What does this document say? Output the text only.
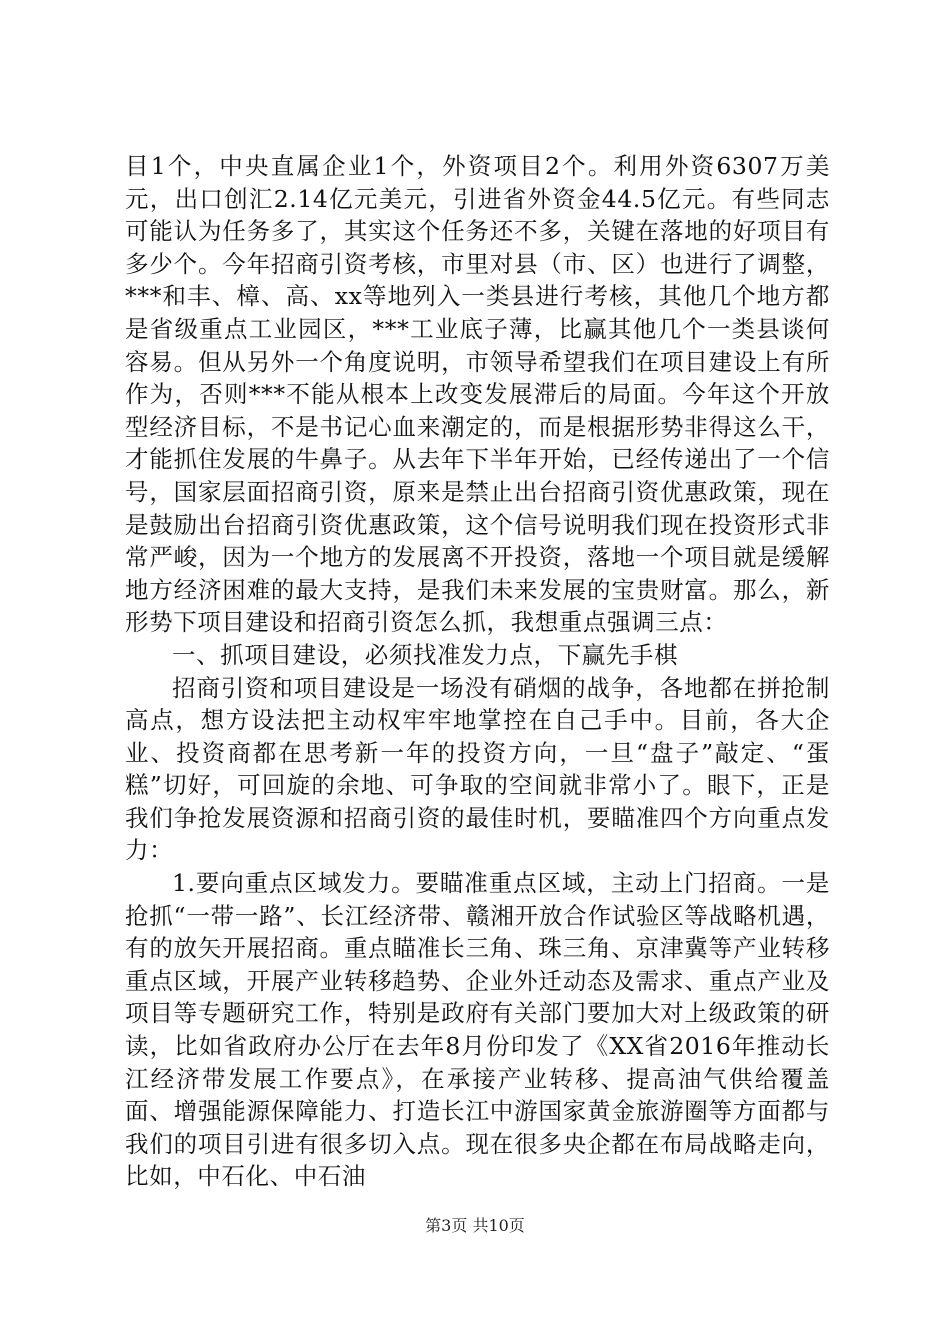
目1个，中央直属企业1个，外资项目2个。利用外资6307万美元，出口创汇2.14亿元美元，引进省外资金44.5亿元。有些同志可能认为任务多了，其实这个任务还不多，关键在落地的好项目有多少个。今年招商引资考核，市里对县（市、区）也进行了调整，***和丰、樟、高、xx等地列入一类县进行考核，其他几个地方都是省级重点工业园区，***工业底子薄，比赢其他几个一类县谈何容易。但从另外一个角度说明，市领导希望我们在项目建设上有所作为，否则***不能从根本上改变发展滞后的局面。今年这个开放型经济目标，不是书记心血来潮定的，而是根据形势非得这么干，才能抓住发展的牛鼻子。从去年下半年开始，已经传递出了一个信号，国家层面招商引资，原来是禁止出台招商引资优惠政策，现在是鼓励出台招商引资优惠政策，这个信号说明我们现在投资形式非常严峻，因为一个地方的发展离不开投资，落地一个项目就是缓解地方经济困难的最大支持，是我们未来发展的宝贵财富。那么，新形势下项目建设和招商引资怎么抓，我想重点强调三点：

一、抓项目建设，必须找准发力点，下赢先手棋

招商引资和项目建设是一场没有硝烟的战争，各地都在拼抢制高点，想方设法把主动权牢牢地掌控在自己手中。目前，各大企业、投资商都在思考新一年的投资方向，一旦“盘子”敲定、“蛋糕”切好，可回旋的余地、可争取的空间就非常小了。眼下，正是我们争抢发展资源和招商引资的最佳时机，要瞄准四个方向重点发力：

1.要向重点区域发力。要瞄准重点区域，主动上门招商。一是抢抓“一带一路”、长江经济带、赣湘开放合作试验区等战略机遇，有的放矢开展招商。重点瞄准长三角、珠三角、京津冀等产业转移重点区域，开展产业转移趋势、企业外迁动态及需求、重点产业及项目等专题研究工作，特别是政府有关部门要加大对上级政策的研读，比如省政府办公厅在去年8月份印发了《XX省2016年推动长江经济带发展工作要点》，在承接产业转移、提高油气供给覆盖面、增强能源保障能力、打造长江中游国家黄金旅游圈等方面都与我们的项目引进有很多切入点。现在很多央企都在布局战略走向，比如，中石化、中石油

第3页 共10页
